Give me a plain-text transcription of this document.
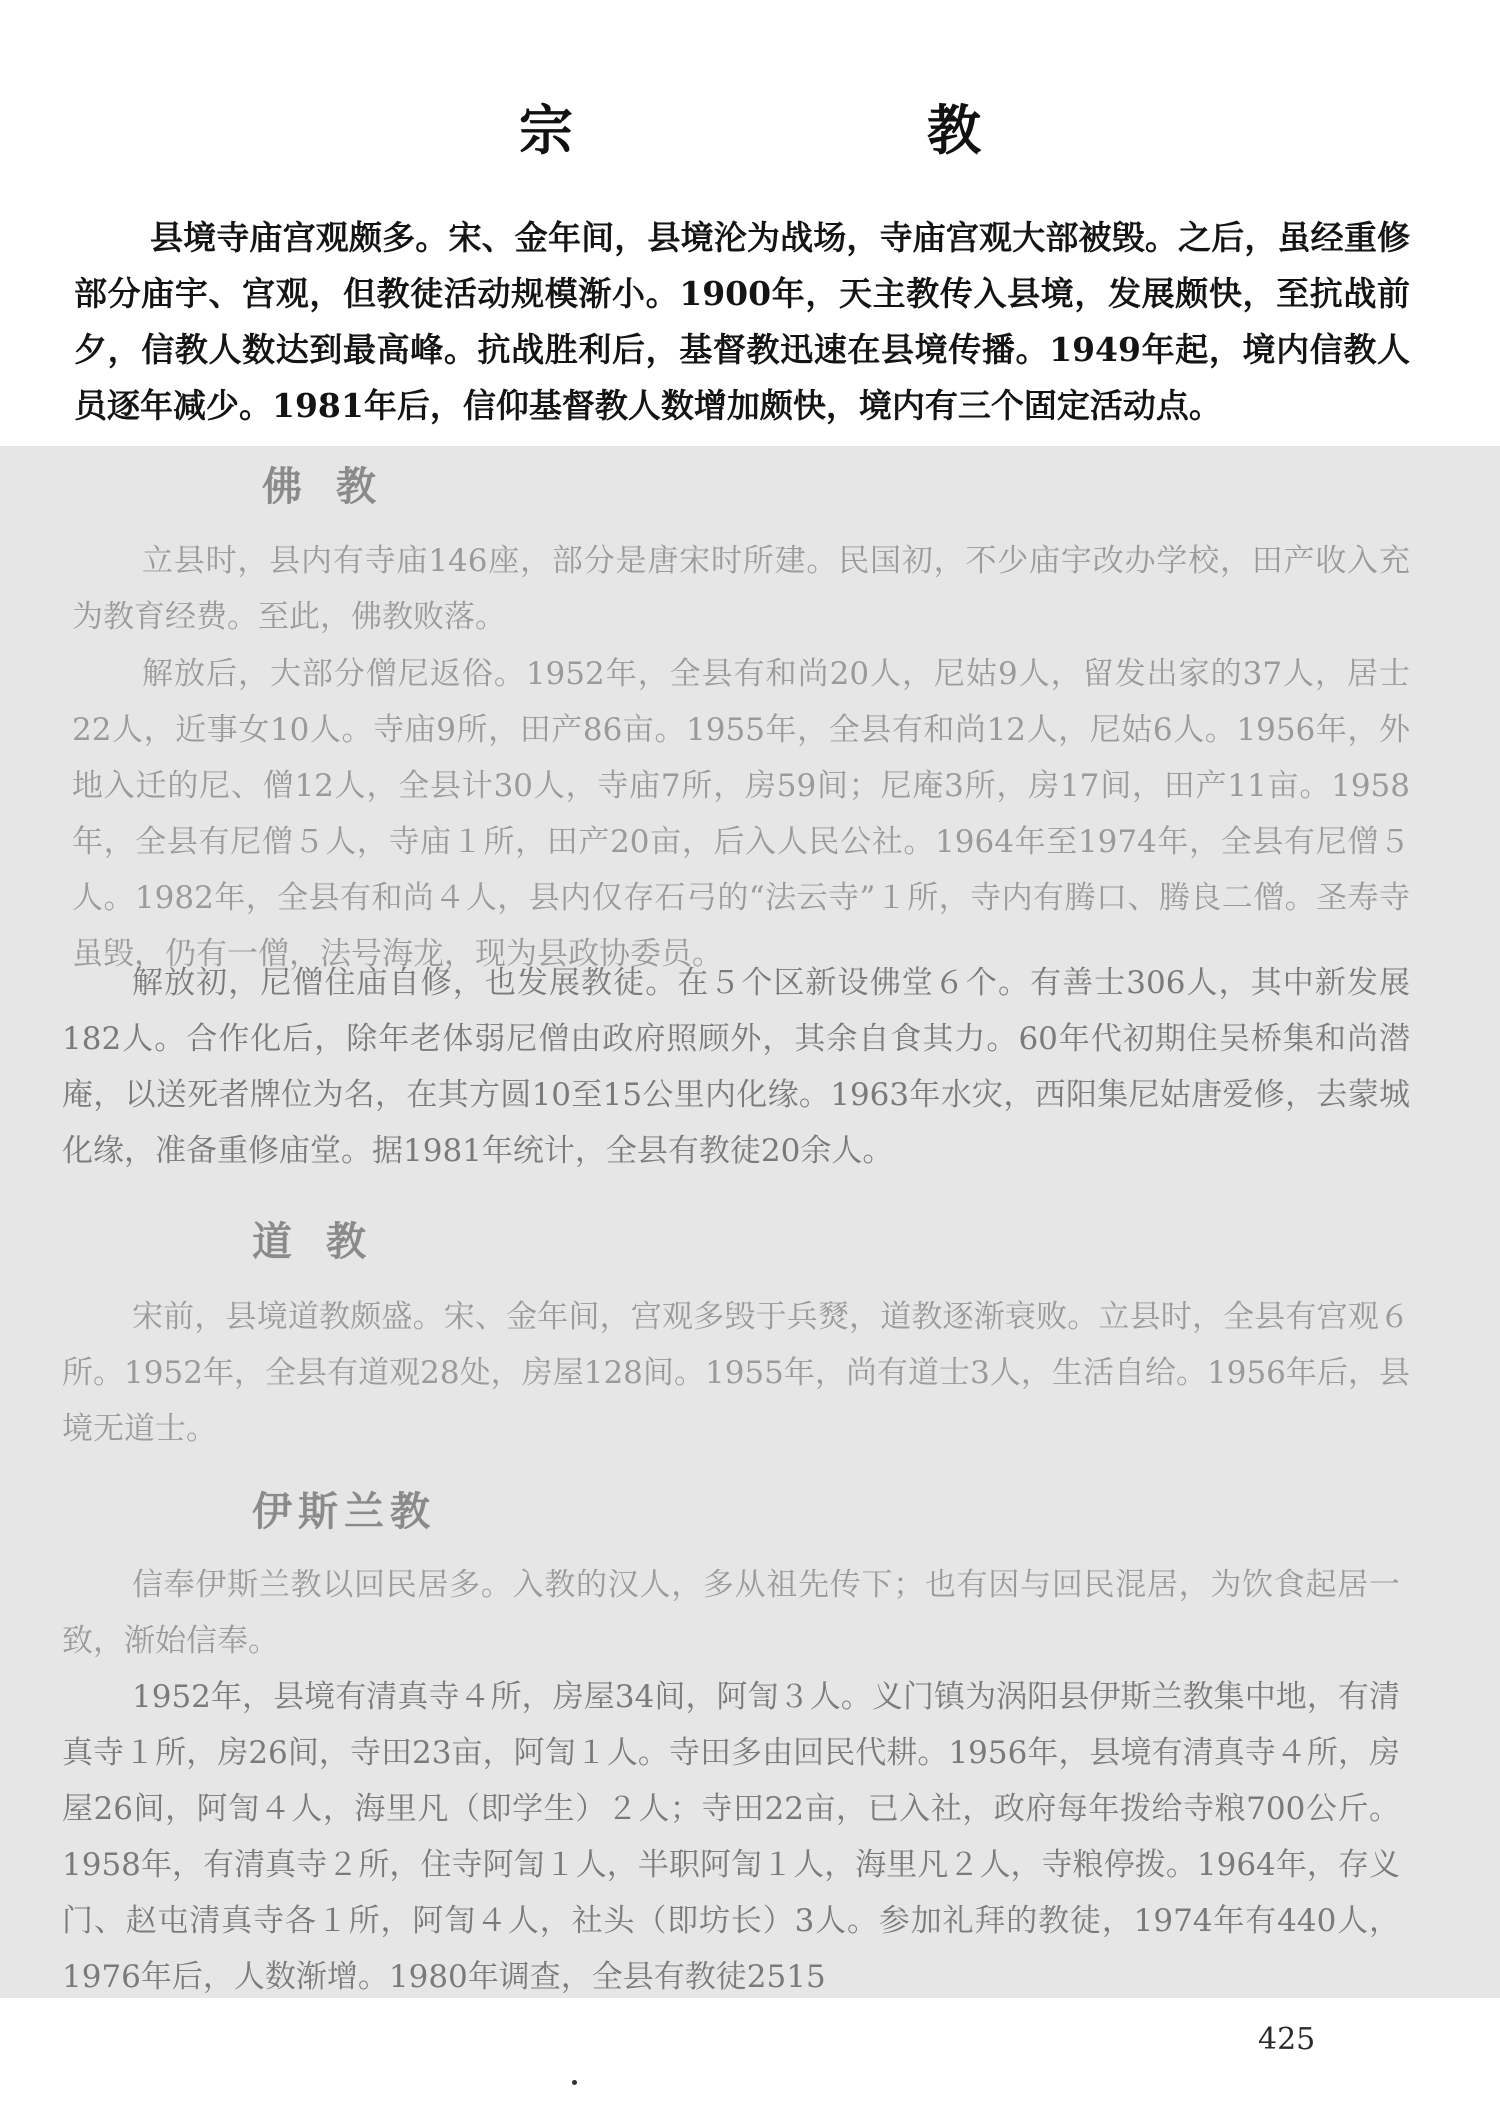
宗　教

县境寺庙宫观颇多。宋、金年间，县境沦为战场，寺庙宫观大部被毁。之后，虽经重修部分庙宇、宫观，但教徒活动规模渐小。1900年，天主教传入县境，发展颇快，至抗战前夕，信教人数达到最高峰。抗战胜利后，基督教迅速在县境传播。1949年起，境内信教人员逐年减少。1981年后，信仰基督教人数增加颇快，境内有三个固定活动点。

佛教

立县时，县内有寺庙146座，部分是唐宋时所建。民国初，不少庙宇改办学校，田产收入充为教育经费。至此，佛教败落。

解放后，大部分僧尼返俗。1952年，全县有和尚20人，尼姑9人，留发出家的37人，居士22人，近事女10人。寺庙9所，田产86亩。1955年，全县有和尚12人，尼姑6人。1956年，外地入迁的尼、僧12人，全县计30人，寺庙7所，房59间；尼庵3所，房17间，田产11亩。1958年，全县有尼僧５人，寺庙１所，田产20亩，后入人民公社。1964年至1974年，全县有尼僧５人。1982年，全县有和尚４人，县内仅存石弓的“法云寺”１所，寺内有腾口、腾良二僧。圣寿寺虽毁，仍有一僧，法号海龙，现为县政协委员。

解放初，尼僧住庙自修，也发展教徒。在５个区新设佛堂６个。有善士306人，其中新发展182人。合作化后，除年老体弱尼僧由政府照顾外，其余自食其力。60年代初期住吴桥集和尚潜庵，以送死者牌位为名，在其方圆10至15公里内化缘。1963年水灾，西阳集尼姑唐爱修，去蒙城化缘，准备重修庙堂。据1981年统计，全县有教徒20余人。

道教

宋前，县境道教颇盛。宋、金年间，宫观多毁于兵燹，道教逐渐衰败。立县时，全县有宫观６所。1952年，全县有道观28处，房屋128间。1955年，尚有道士3人，生活自给。1956年后，县境无道士。

伊斯兰教

信奉伊斯兰教以回民居多。入教的汉人，多从祖先传下；也有因与回民混居，为饮食起居一致，渐始信奉。

1952年，县境有清真寺４所，房屋34间，阿訇３人。义门镇为涡阳县伊斯兰教集中地，有清真寺１所，房26间，寺田23亩，阿訇１人。寺田多由回民代耕。1956年，县境有清真寺４所，房屋26间，阿訇４人，海里凡（即学生）２人；寺田22亩，已入社，政府每年拨给寺粮700公斤。1958年，有清真寺２所，住寺阿訇１人，半职阿訇１人，海里凡２人，寺粮停拨。1964年，存义门、赵屯清真寺各１所，阿訇４人，社头（即坊长）3人。参加礼拜的教徒，1974年有440人，1976年后，人数渐增。1980年调查，全县有教徒2515

425
